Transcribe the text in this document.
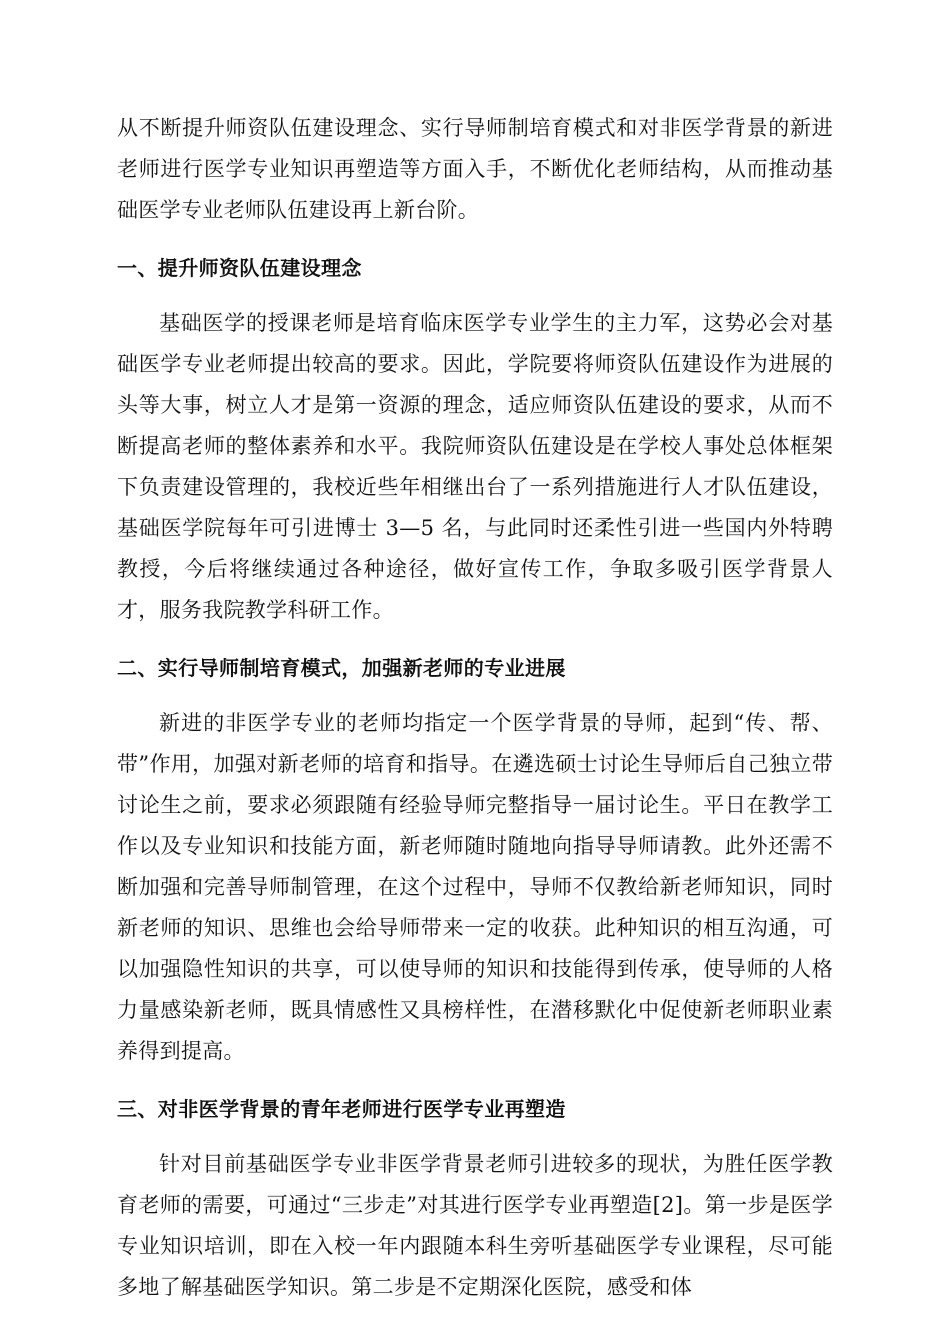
从不断提升师资队伍建设理念、实行导师制培育模式和对非医学背景的新进老师进行医学专业知识再塑造等方面入手，不断优化老师结构，从而推动基础医学专业老师队伍建设再上新台阶。

一、提升师资队伍建设理念

基础医学的授课老师是培育临床医学专业学生的主力军，这势必会对基础医学专业老师提出较高的要求。因此，学院要将师资队伍建设作为进展的头等大事，树立人才是第一资源的理念，适应师资队伍建设的要求，从而不断提高老师的整体素养和水平。我院师资队伍建设是在学校人事处总体框架下负责建设管理的，我校近些年相继出台了一系列措施进行人才队伍建设，基础医学院每年可引进博士 3—5 名，与此同时还柔性引进一些国内外特聘教授，今后将继续通过各种途径，做好宣传工作，争取多吸引医学背景人才，服务我院教学科研工作。

二、实行导师制培育模式，加强新老师的专业进展

新进的非医学专业的老师均指定一个医学背景的导师，起到“传、帮、带”作用，加强对新老师的培育和指导。在遴选硕士讨论生导师后自己独立带讨论生之前，要求必须跟随有经验导师完整指导一届讨论生。平日在教学工作以及专业知识和技能方面，新老师随时随地向指导导师请教。此外还需不断加强和完善导师制管理，在这个过程中，导师不仅教给新老师知识，同时新老师的知识、思维也会给导师带来一定的收获。此种知识的相互沟通，可以加强隐性知识的共享，可以使导师的知识和技能得到传承，使导师的人格力量感染新老师，既具情感性又具榜样性，在潜移默化中促使新老师职业素养得到提高。

三、对非医学背景的青年老师进行医学专业再塑造

针对目前基础医学专业非医学背景老师引进较多的现状，为胜任医学教育老师的需要，可通过“三步走”对其进行医学专业再塑造[2]。第一步是医学专业知识培训，即在入校一年内跟随本科生旁听基础医学专业课程，尽可能多地了解基础医学知识。第二步是不定期深化医院，感受和体
